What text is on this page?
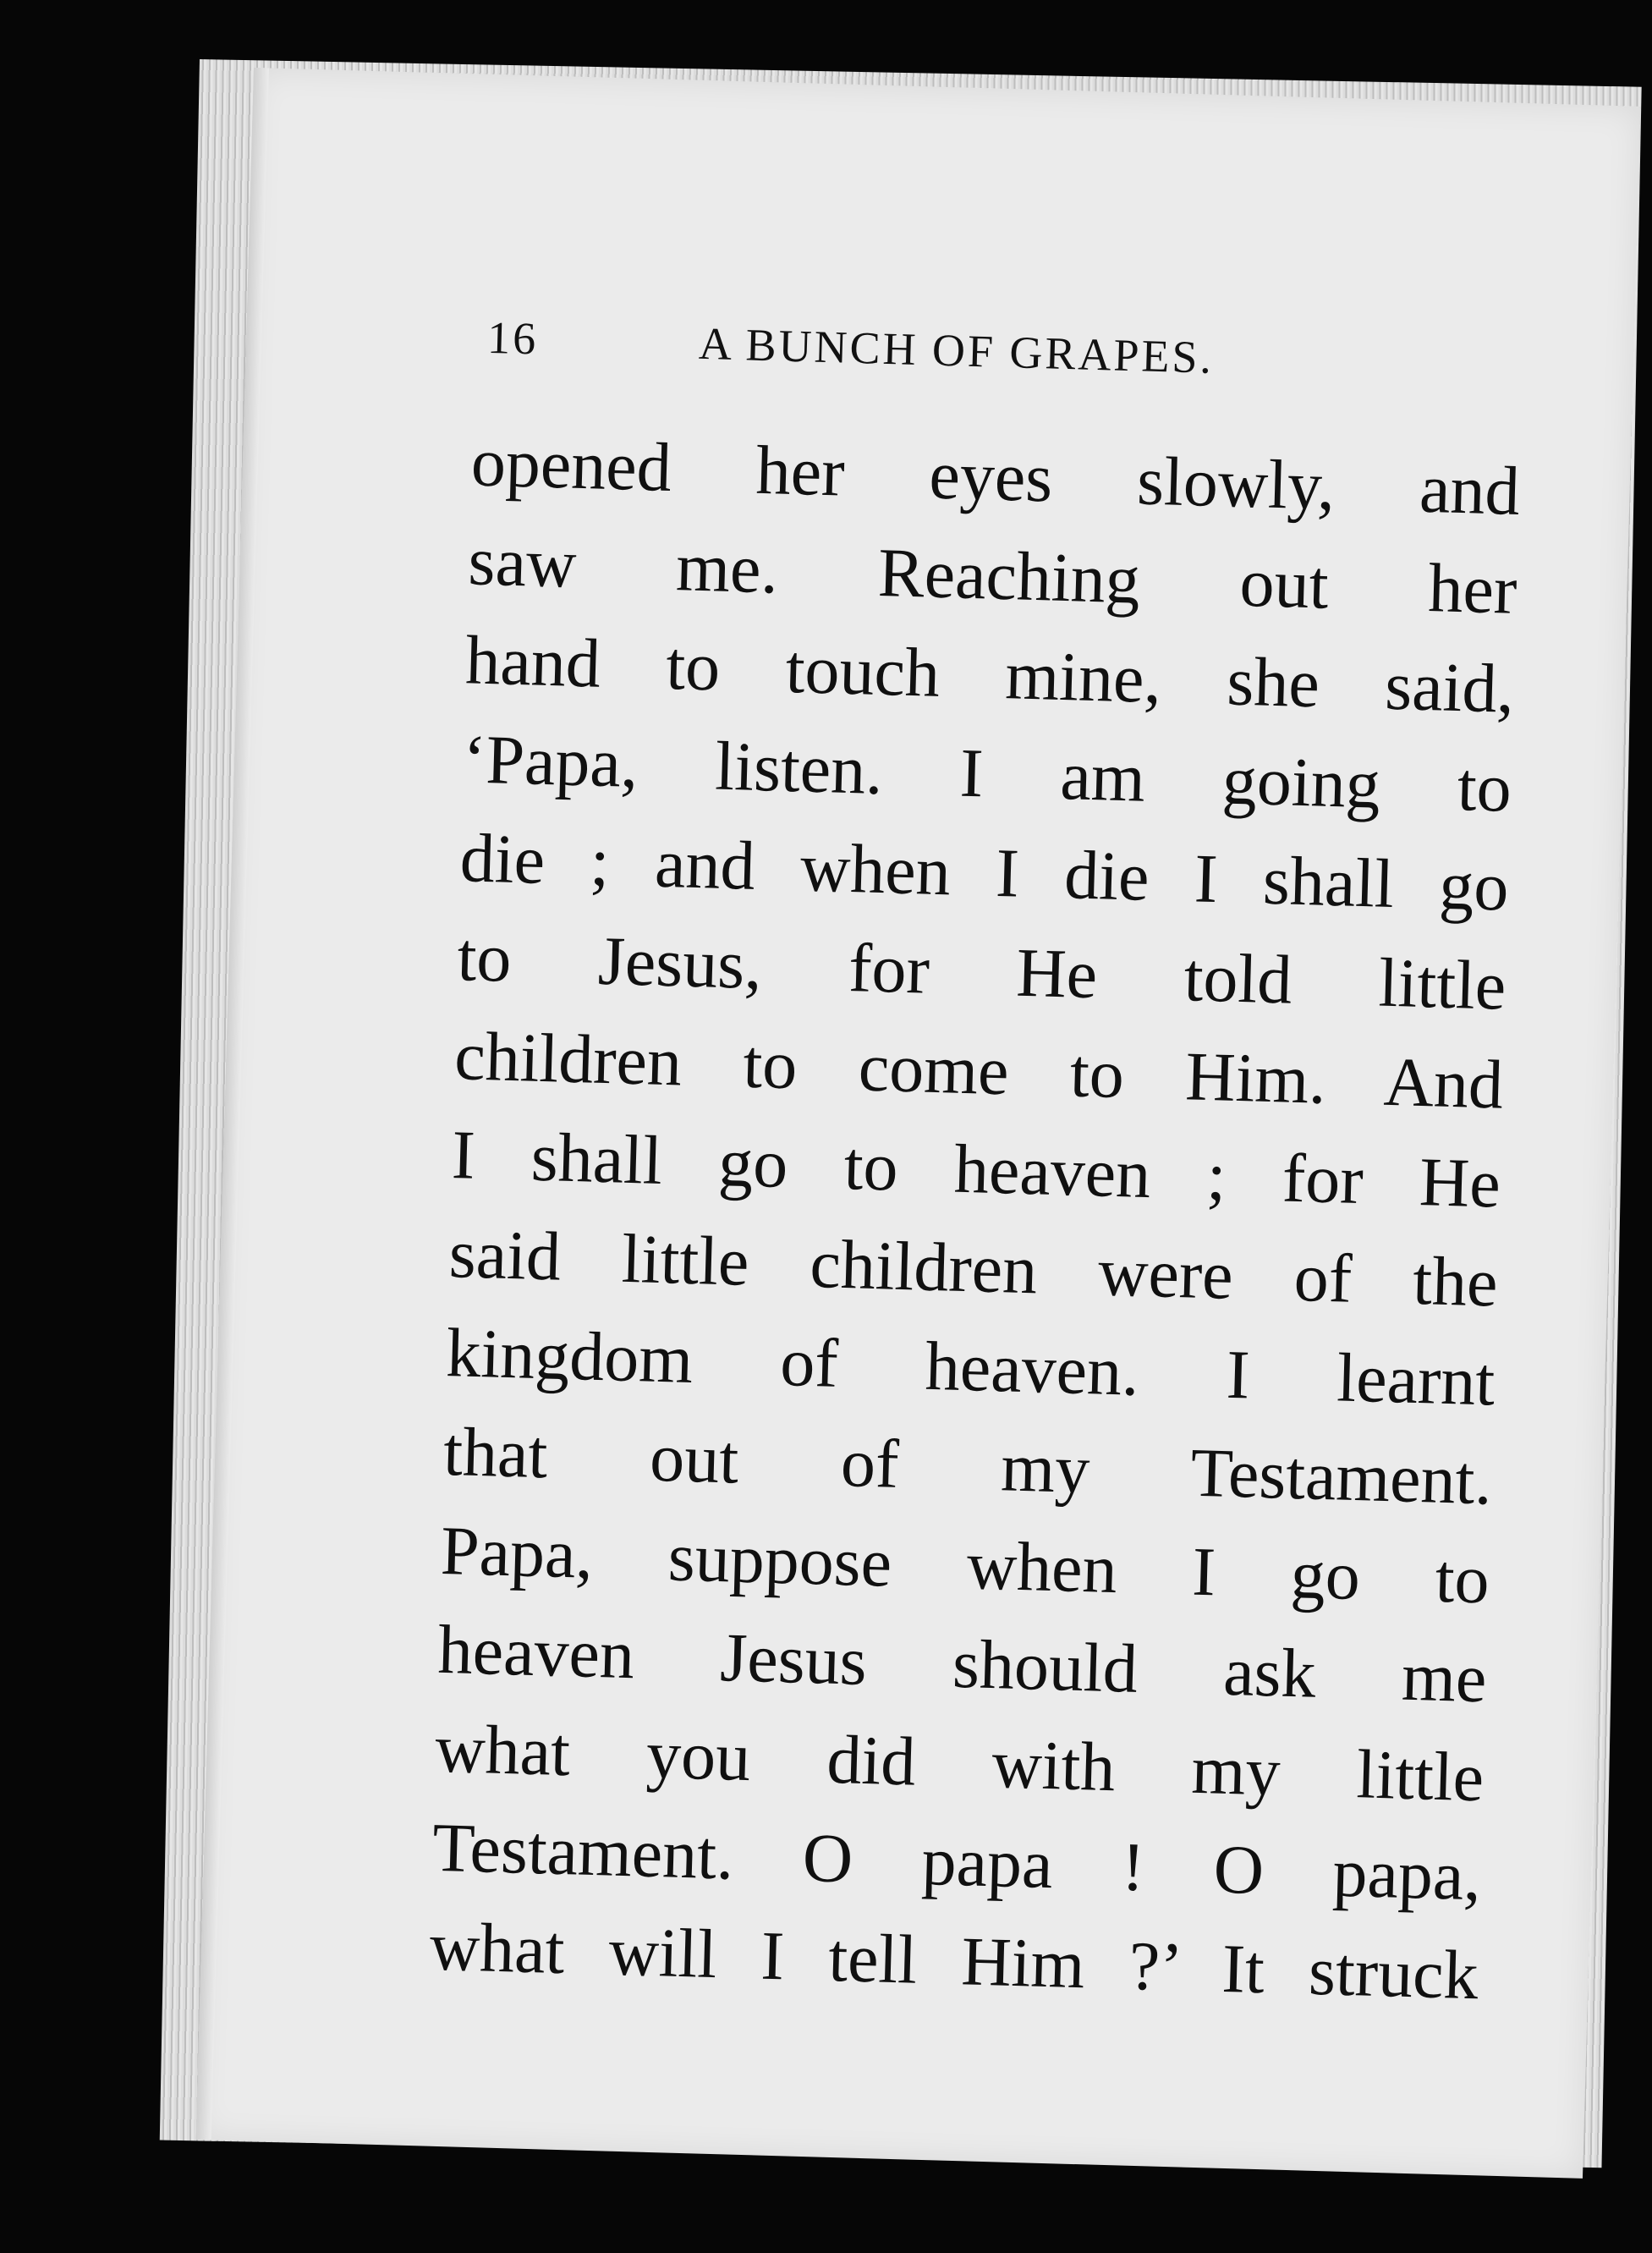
16	A BUNCH OF GRAPES.
opened her eyes slowly, and
saw me. Reaching out her
hand to touch mine, she said,
‘Papa, listen. I am going to
die ; and when I die I shall go
to Jesus, for He told little
children to come to Him. And
I shall go to heaven ; for He
said little children were of the
kingdom of heaven. I learnt
that out of my Testament.
Papa, suppose when I go to
heaven Jesus should ask me
what you did with my little
Testament. O papa ! O papa,
what will I tell Him ?’ It struck
